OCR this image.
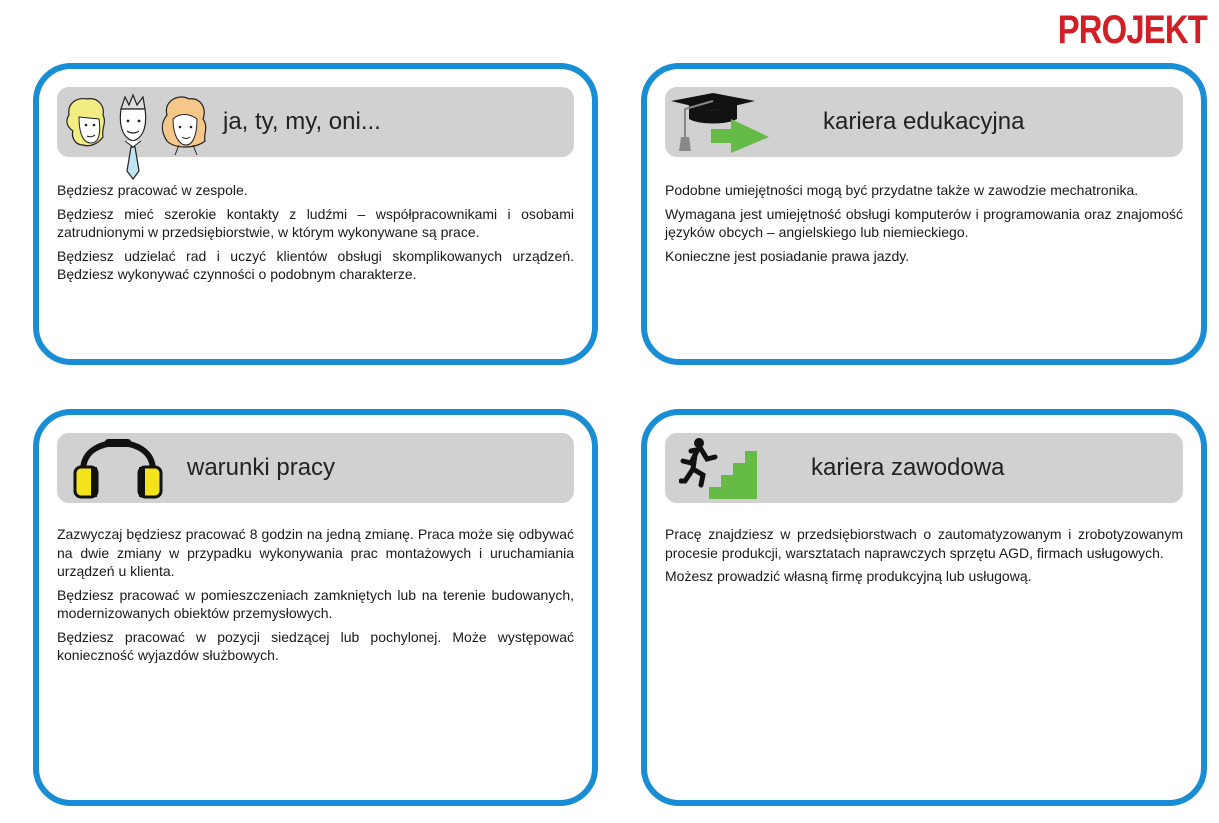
PROJEKT
ja, ty, my, oni...

Będziesz pracować w zespole.

Będziesz mieć szerokie kontakty z ludźmi – współpracownikami i osobami zatrudnionymi w przedsiębiorstwie, w którym wykonywane są prace.

Będziesz udzielać rad i uczyć klientów obsługi skomplikowanych urządzeń. Będziesz wykonywać czynności o podobnym charakterze.

kariera edukacyjna

Podobne umiejętności mogą być przydatne także w zawodzie mechatronika.

Wymagana jest umiejętność obsługi komputerów i programowania oraz znajomość języków obcych – angielskiego lub niemieckiego.

Konieczne jest posiadanie prawa jazdy.

warunki pracy

Zazwyczaj będziesz pracować 8 godzin na jedną zmianę. Praca może się odbywać na dwie zmiany w przypadku wykonywania prac montażowych i uruchamiania urządzeń u klienta.

Będziesz pracować w pomieszczeniach zamkniętych lub na terenie budowanych, modernizowanych obiektów przemysłowych.

Będziesz pracować w pozycji siedzącej lub pochylonej. Może występować konieczność wyjazdów służbowych.

kariera zawodowa

Pracę znajdziesz w przedsiębiorstwach o zautomatyzowanym i zrobotyzowanym procesie produkcji, warsztatach naprawczych sprzętu AGD, firmach usługowych.

Możesz prowadzić własną firmę produkcyjną lub usługową.
